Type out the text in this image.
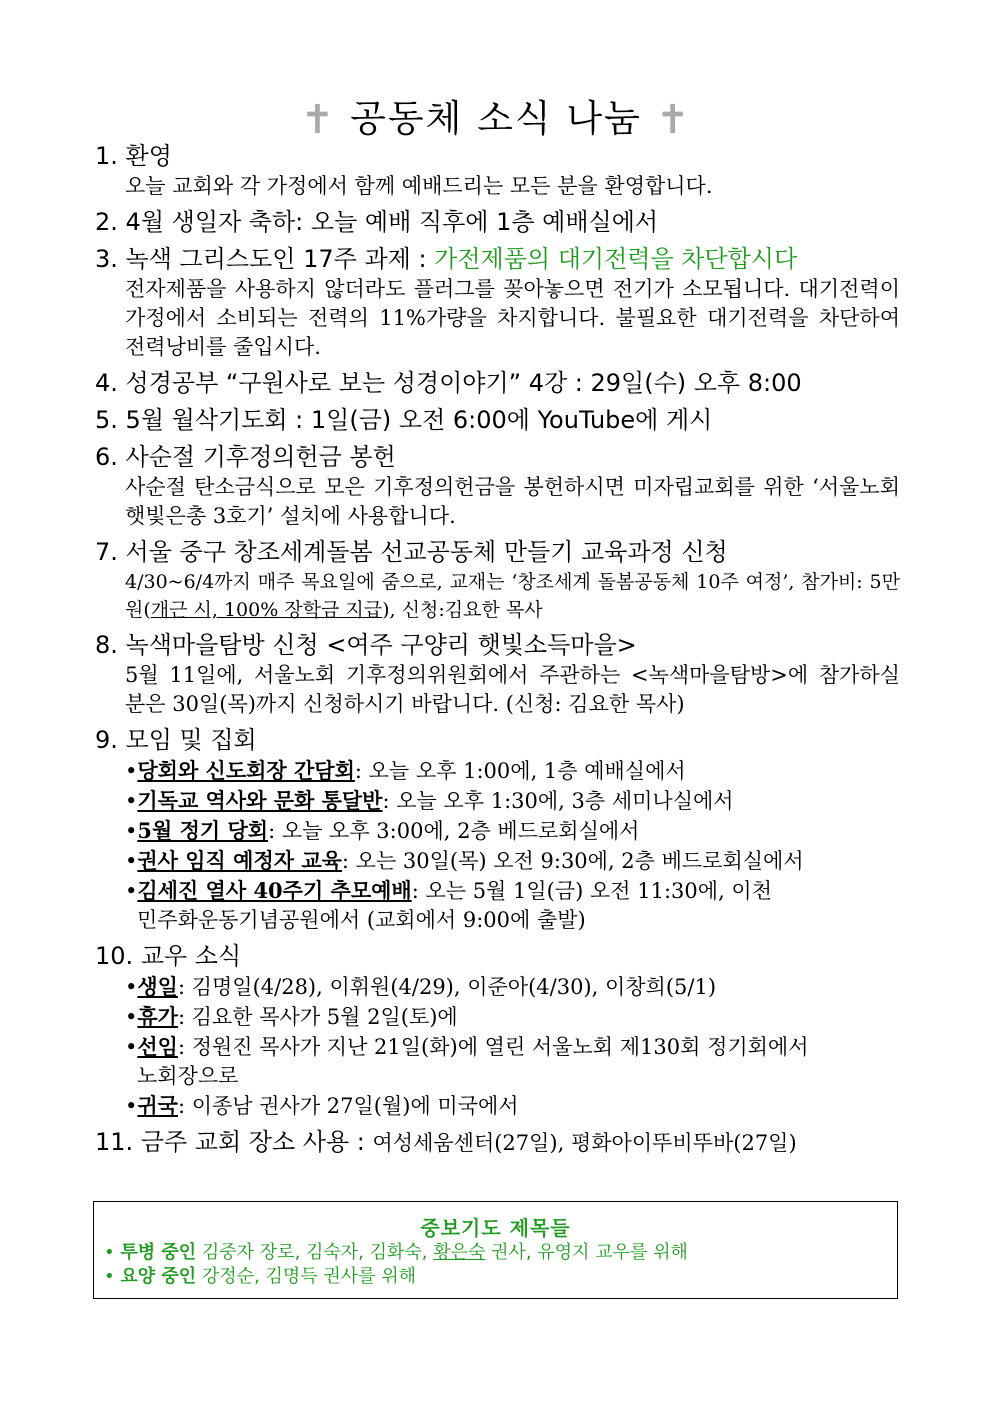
✝ 공동체 소식 나눔 ✝
1. 환영
오늘 교회와 각 가정에서 함께 예배드리는 모든 분을 환영합니다.
2. 4월 생일자 축하: 오늘 예배 직후에 1층 예배실에서
3. 녹색 그리스도인 17주 과제 : 가전제품의 대기전력을 차단합시다
전자제품을 사용하지 않더라도 플러그를 꽂아놓으면 전기가 소모됩니다. 대기전력이 가정에서 소비되는 전력의 11%가량을 차지합니다. 불필요한 대기전력을 차단하여 전력낭비를 줄입시다.
4. 성경공부 “구원사로 보는 성경이야기” 4강 : 29일(수) 오후 8:00
5. 5월 월삭기도회 : 1일(금) 오전 6:00에 YouTube에 게시
6. 사순절 기후정의헌금 봉헌
사순절 탄소금식으로 모은 기후정의헌금을 봉헌하시면 미자립교회를 위한 ‘서울노회 햇빛은총 3호기’ 설치에 사용합니다.
7. 서울 중구 창조세계돌봄 선교공동체 만들기 교육과정 신청
4/30~6/4까지 매주 목요일에 줌으로, 교재는 ‘창조세계 돌봄공동체 10주 여정’, 참가비: 5만원(개근 시, 100% 장학금 지급), 신청:김요한 목사
8. 녹색마을탐방 신청 <여주 구양리 햇빛소득마을>
5월 11일에, 서울노회 기후정의위원회에서 주관하는 <녹색마을탐방>에 참가하실 분은 30일(목)까지 신청하시기 바랍니다. (신청: 김요한 목사)
9. 모임 및 집회
•당회와 신도회장 간담회: 오늘 오후 1:00에, 1층 예배실에서
•기독교 역사와 문화 통달반: 오늘 오후 1:30에, 3층 세미나실에서
•5월 정기 당회: 오늘 오후 3:00에, 2층 베드로회실에서
•권사 임직 예정자 교육: 오는 30일(목) 오전 9:30에, 2층 베드로회실에서
•김세진 열사 40주기 추모예배: 오는 5월 1일(금) 오전 11:30에, 이천
민주화운동기념공원에서 (교회에서 9:00에 출발)
10. 교우 소식
•생일: 김명일(4/28), 이휘원(4/29), 이준아(4/30), 이창희(5/1)
•휴가: 김요한 목사가 5월 2일(토)에
•선임: 정원진 목사가 지난 21일(화)에 열린 서울노회 제130회 정기회에서
노회장으로
•귀국: 이종남 권사가 27일(월)에 미국에서
11. 금주 교회 장소 사용 : 여성세움센터(27일), 평화아이뚜비뚜바(27일)
중보기도 제목들
• 투병 중인 김중자 장로, 김숙자, 김화숙, 황은숙 권사, 유영지 교우를 위해
• 요양 중인 강정순, 김명득 권사를 위해
